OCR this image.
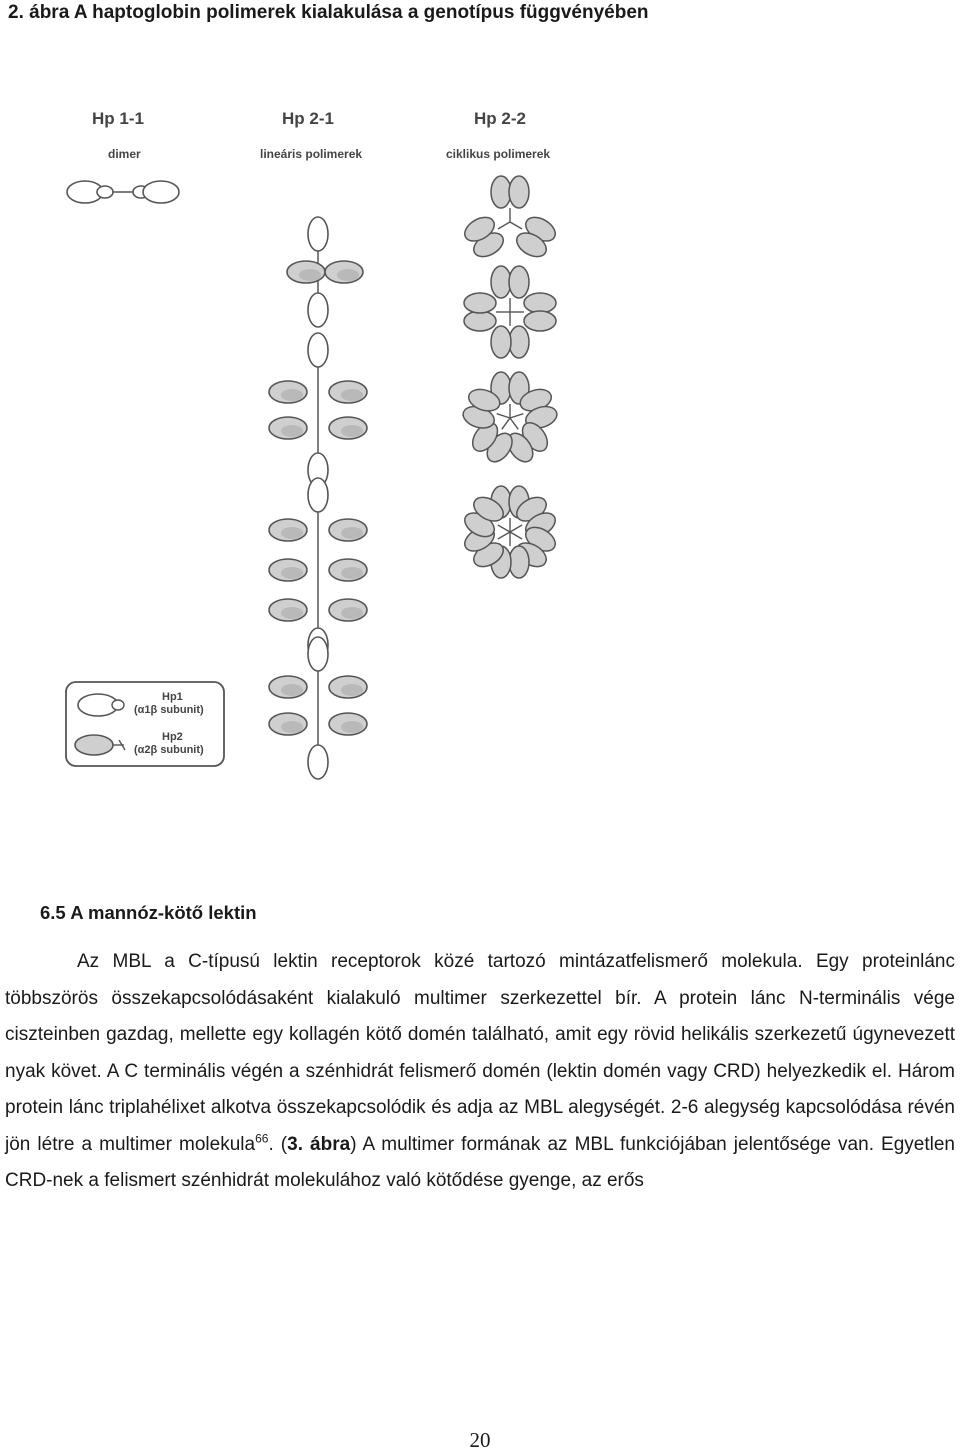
2. ábra A haptoglobin polimerek kialakulása a genotípus függvényében
Hp 1-1
dimer
Hp 2-1
lineáris polimerek
Hp 2-2
ciklikus polimerek
Hp1
(α1β subunit)
Hp2
(α2β subunit)
6.5 A mannóz-kötő lektin

Az MBL a C-típusú lektin receptorok közé tartozó mintázatfelismerő molekula. Egy proteinlánc többszörös összekapcsolódásaként kialakuló multimer szerkezettel bír. A protein lánc N-terminális vége ciszteinben gazdag, mellette egy kollagén kötő domén található, amit egy rövid helikális szerkezetű úgynevezett nyak követ. A C terminális végén a szénhidrát felismerő domén (lektin domén vagy CRD) helyezkedik el. Három protein lánc triplahélixet alkotva összekapcsolódik és adja az MBL alegységét. 2-6 alegység kapcsolódása révén jön létre a multimer molekula$^{66}$. (3. ábra) A multimer formának az MBL funkciójában jelentősége van. Egyetlen CRD-nek a felismert szénhidrát molekulához való kötődése gyenge, az erős

20
